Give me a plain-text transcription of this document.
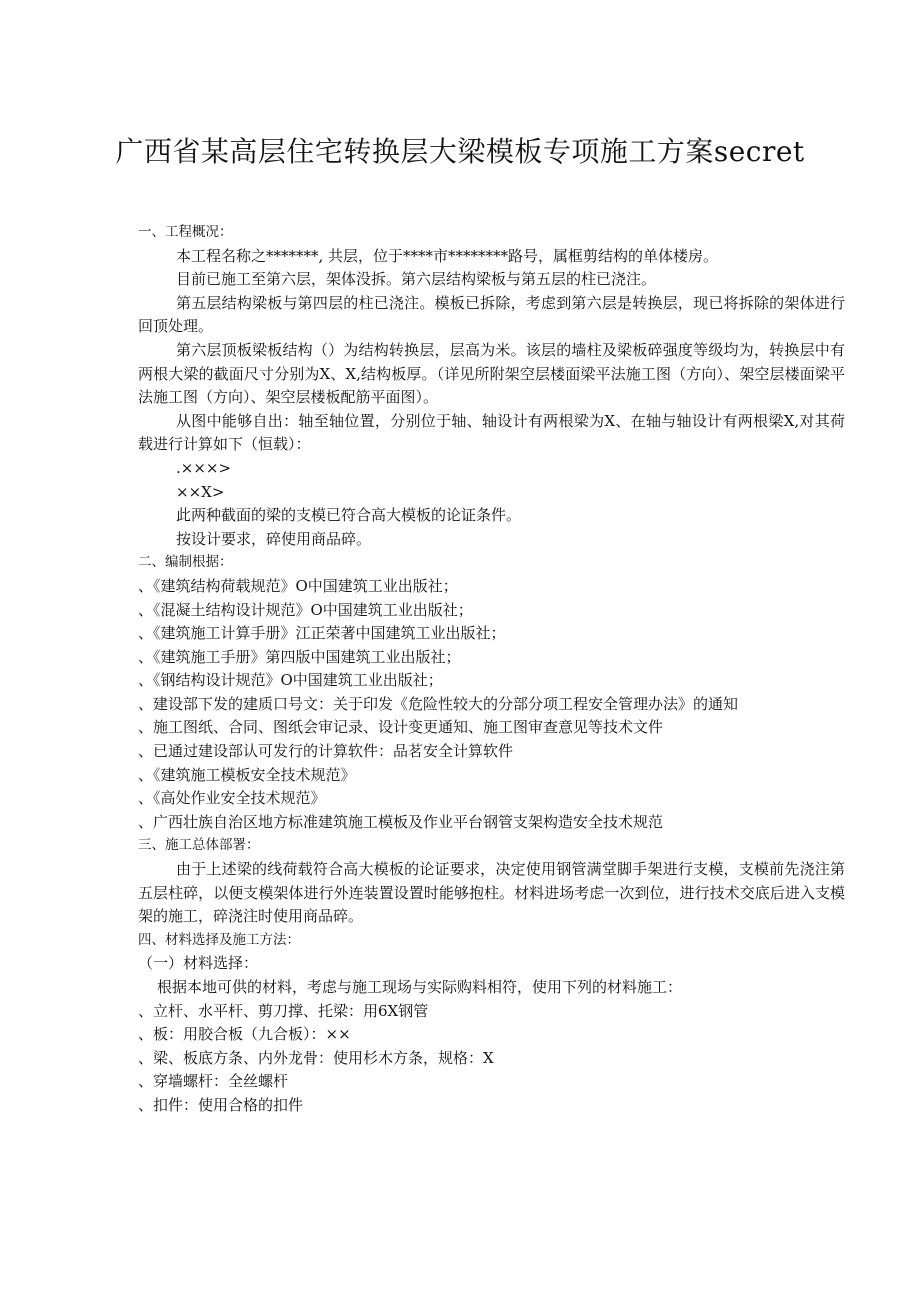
广西省某高层住宅转换层大梁模板专项施工方案secret

一、工程概况：

本工程名称之*******, 共层，位于****市********路号，属框剪结构的单体楼房。

目前已施工至第六层，架体没拆。第六层结构梁板与第五层的柱已浇注。

第五层结构梁板与第四层的柱已浇注。模板已拆除，考虑到第六层是转换层，现已将拆除的架体进行回顶处理。

第六层顶板梁板结构（）为结构转换层，层高为米。该层的墙柱及梁板碎强度等级均为，转换层中有两根大梁的截面尺寸分别为X、X,结构板厚。（详见所附架空层楼面梁平法施工图（方向）、架空层楼面梁平法施工图（方向）、架空层楼板配筋平面图）。

从图中能够自出：轴至轴位置，分别位于轴、轴设计有两根梁为X、在轴与轴设计有两根梁X,对其荷载进行计算如下（恒载）：

.×××>

××X>

此两种截面的梁的支模已符合高大模板的论证条件。

按设计要求，碎使用商品碎。

二、编制根据：

、《建筑结构荷载规范》O中国建筑工业出版社；

、《混凝土结构设计规范》O中国建筑工业出版社；

、《建筑施工计算手册》江正荣著中国建筑工业出版社；

、《建筑施工手册》第四版中国建筑工业出版社；

、《钢结构设计规范》O中国建筑工业出版社；

、建设部下发的建质口号文：关于印发《危险性较大的分部分项工程安全管理办法》的通知

、施工图纸、合同、图纸会审记录、设计变更通知、施工图审查意见等技术文件

、已通过建设部认可发行的计算软件：品茗安全计算软件

、《建筑施工模板安全技术规范》

、《高处作业安全技术规范》

、广西壮族自治区地方标准建筑施工模板及作业平台钢管支架构造安全技术规范

三、施工总体部署：

由于上述梁的线荷载符合高大模板的论证要求，决定使用钢管满堂脚手架进行支模，支模前先浇注第五层柱碎，以便支模架体进行外连装置设置时能够抱柱。材料进场考虑一次到位，进行技术交底后进入支模架的施工，碎浇注时使用商品碎。

四、材料选择及施工方法：

（一）材料选择：

根据本地可供的材料，考虑与施工现场与实际购料相符，使用下列的材料施工：

、立杆、水平杆、剪刀撑、托梁：用6X钢管

、板：用胶合板（九合板）：××

、梁、板底方条、内外龙骨：使用杉木方条，规格：X

、穿墙螺杆：全丝螺杆

、扣件：使用合格的扣件
